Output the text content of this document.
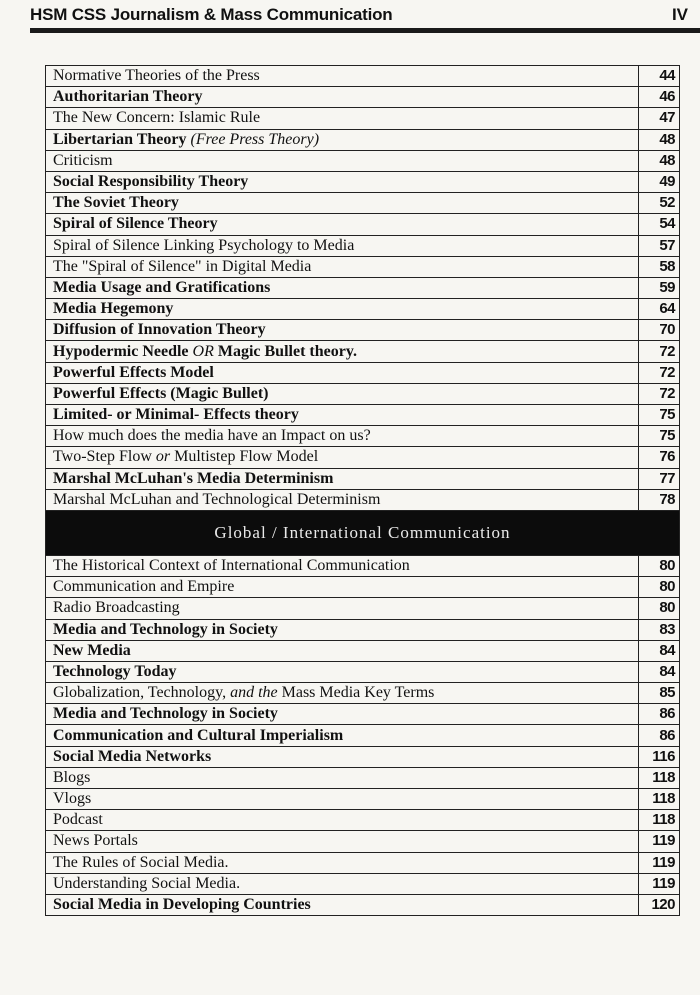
HSM CSS Journalism & Mass Communication	IV
Normative Theories of the Press	44
Authoritarian Theory	46
The New Concern: Islamic Rule	47
Libertarian Theory (Free Press Theory)	48
Criticism	48
Social Responsibility Theory	49
The Soviet Theory	52
Spiral of Silence Theory	54
Spiral of Silence Linking Psychology to Media	57
The "Spiral of Silence" in Digital Media	58
Media Usage and Gratifications	59
Media Hegemony	64
Diffusion of Innovation Theory	70
Hypodermic Needle OR Magic Bullet theory.	72
Powerful Effects Model	72
Powerful Effects (Magic Bullet)	72
Limited- or Minimal- Effects theory	75
How much does the media have an Impact on us?	75
Two-Step Flow or Multistep Flow Model	76
Marshal McLuhan's Media Determinism	77
Marshal McLuhan and Technological Determinism	78
Global / International Communication	
The Historical Context of International Communication	80
Communication and Empire	80
Radio Broadcasting	80
Media and Technology in Society	83
New Media	84
Technology Today	84
Globalization, Technology, and the Mass Media Key Terms	85
Media and Technology in Society	86
Communication and Cultural Imperialism	86
Social Media Networks	116
Blogs	118
Vlogs	118
Podcast	118
News Portals	119
The Rules of Social Media.	119
Understanding Social Media.	119
Social Media in Developing Countries	120
